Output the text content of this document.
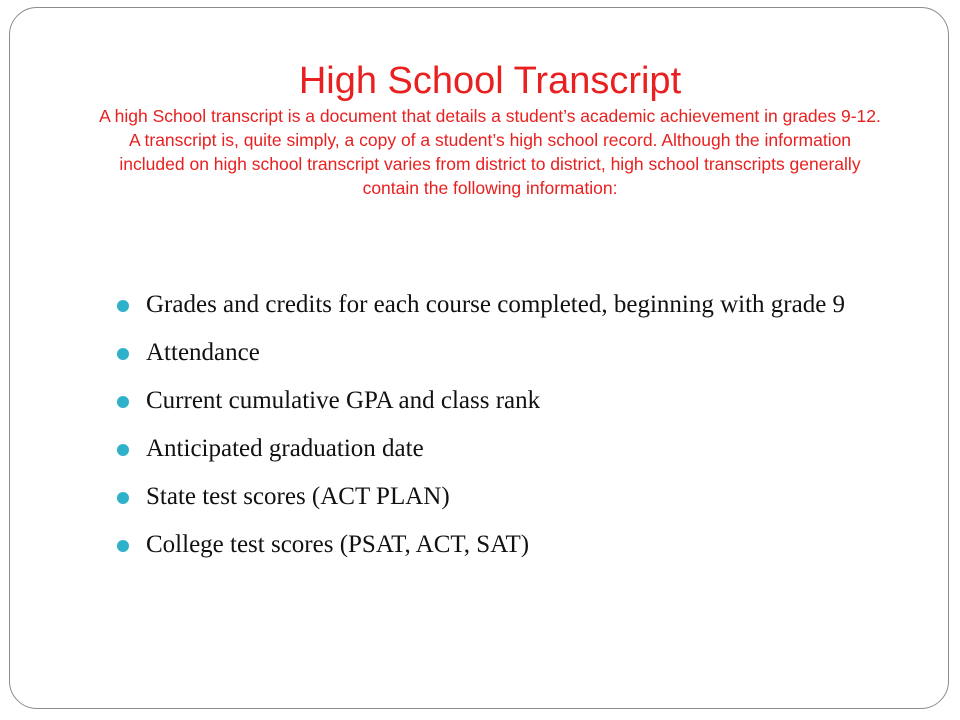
High School Transcript

A high School transcript is a document that details a student’s academic achievement in grades 9-12. A transcript is, quite simply, a copy of a student’s high school record. Although the information included on high school transcript varies from district to district, high school transcripts generally contain the following information:

Grades and credits for each course completed, beginning with grade 9
Attendance
Current cumulative GPA and class rank
Anticipated graduation date
State test scores (ACT PLAN)
College test scores (PSAT, ACT, SAT)
